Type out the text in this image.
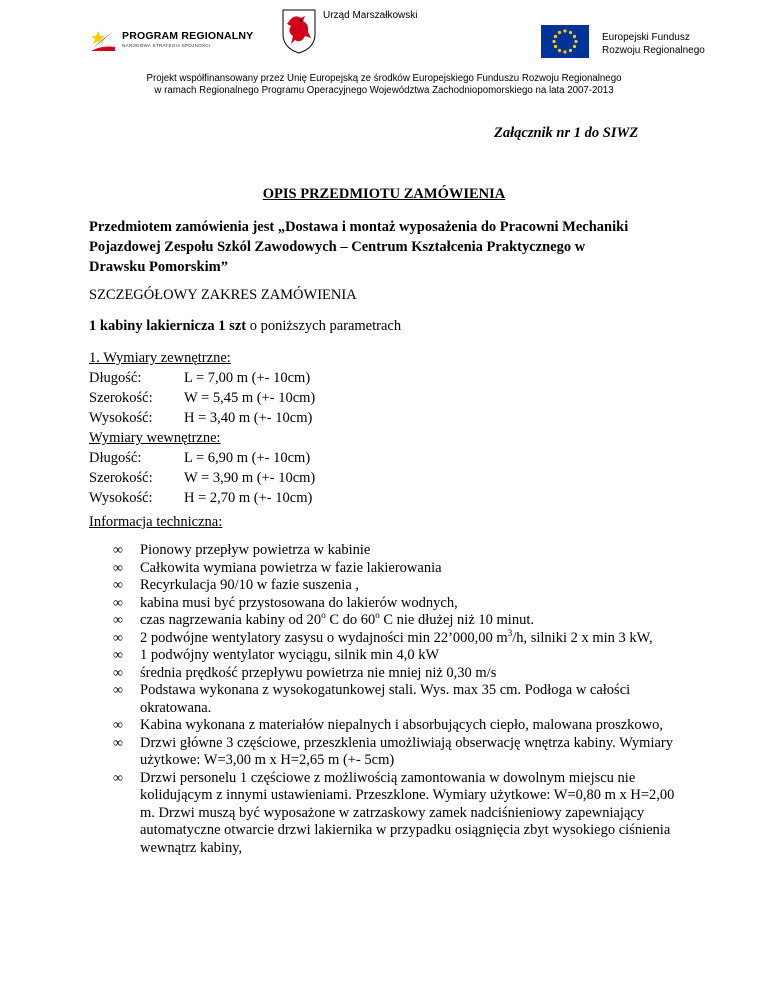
PROGRAM REGIONALNY
NARODOWA STRATEGIA SPÓJNOŚCI
Urząd Marszałkowski
Europejski Fundusz
Rozwoju Regionalnego
Projekt współfinansowany przez Unię Europejską ze środków Europejskiego Funduszu Rozwoju Regionalnego
w ramach Regionalnego Programu Operacyjnego Województwa Zachodniopomorskiego na lata 2007-2013
Załącznik nr 1 do SIWZ
OPIS PRZEDMIOTU ZAMÓWIENIA
Przedmiotem zamówienia jest „Dostawa i montaż wyposażenia do Pracowni Mechaniki
Pojazdowej Zespołu Szkól Zawodowych – Centrum Kształcenia Praktycznego w
Drawsku Pomorskim”
SZCZEGÓŁOWY ZAKRES ZAMÓWIENIA
1 kabiny lakiernicza 1 szt o poniższych parametrach
1. Wymiary zewnętrzne:
Długość:	L = 7,00 m (+- 10cm)
Szerokość: W = 5,45 m (+- 10cm)
Wysokość: H = 3,40 m (+- 10cm)
Wymiary wewnętrzne:
Długość:	L = 6,90 m (+- 10cm)
Szerokość: W = 3,90 m (+- 10cm)
Wysokość: H = 2,70 m (+- 10cm)
Informacja techniczna:
∞ Pionowy przepływ powietrza w kabinie
∞ Całkowita wymiana powietrza w fazie lakierowania
∞ Recyrkulacja 90/10 w fazie suszenia ,
∞ kabina musi być przystosowana do lakierów wodnych,
∞ czas nagrzewania kabiny od 20$^o$ C do 60$^o$ C nie dłużej niż 10 minut.
∞ 2 podwójne wentylatory zasysu o wydajności min 22’000,00 $m^3/h$, silniki 2 x min 3 kW,
∞ 1 podwójny wentylator wyciągu, silnik min 4,0 kW
∞ średnia prędkość przepływu powietrza nie mniej niż 0,30 m/s
∞ Podstawa wykonana z wysokogatunkowej stali. Wys. max 35 cm. Podłoga w całości okratowana.
∞ Kabina wykonana z materiałów niepalnych i absorbujących ciepło, malowana proszkowo,
∞ Drzwi główne 3 częściowe, przeszklenia umożliwiają obserwację wnętrza kabiny. Wymiary użytkowe: W=3,00 m x H=2,65 m (+- 5cm)
∞ Drzwi personelu 1 częściowe z możliwością zamontowania w dowolnym miejscu nie kolidującym z innymi ustawieniami. Przeszklone. Wymiary użytkowe: W=0,80 m x H=2,00 m. Drzwi muszą być wyposażone w zatrzaskowy zamek nadciśnieniowy zapewniający automatyczne otwarcie drzwi lakiernika w przypadku osiągnięcia zbyt wysokiego ciśnienia wewnątrz kabiny,
